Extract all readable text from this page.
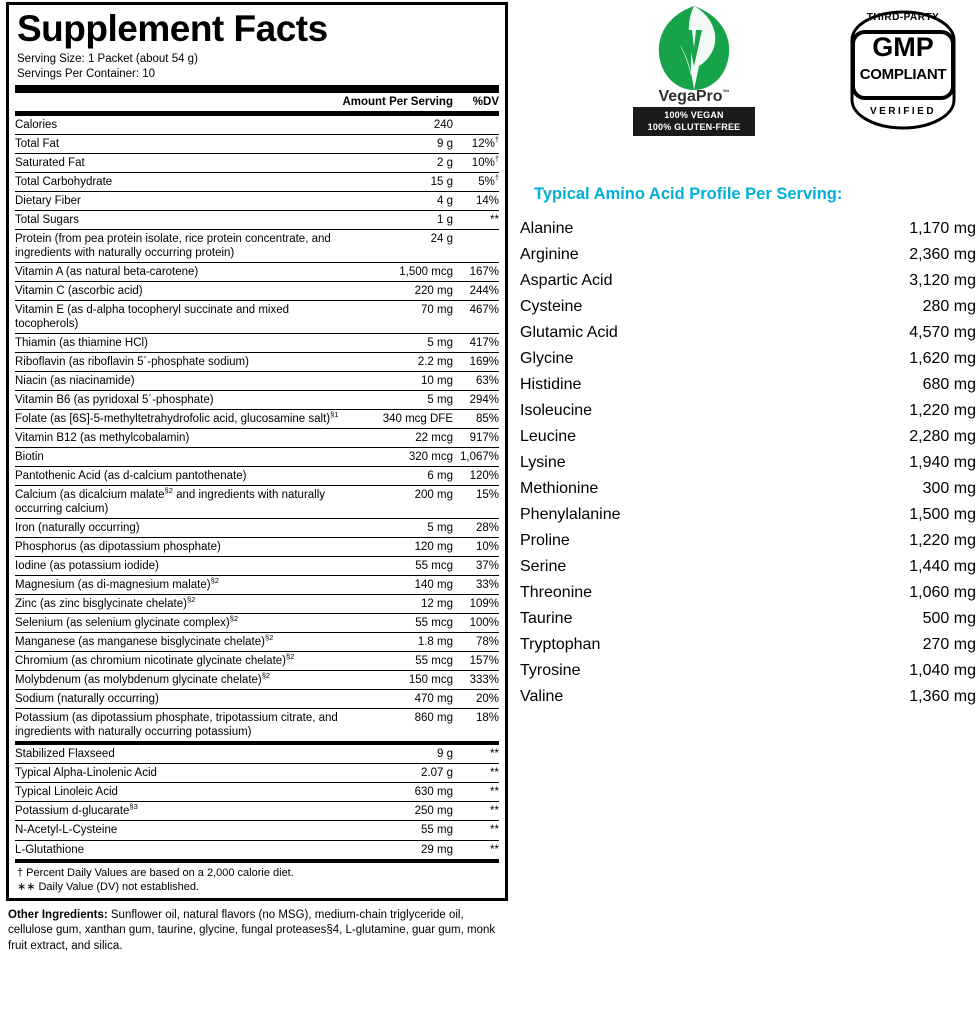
Supplement Facts
Serving Size: 1 Packet (about 54 g)
Servings Per Container: 10
	Amount Per Serving	%DV
Calories	240	
Total Fat	9 g	12%†
Saturated Fat	2 g	10%†
Total Carbohydrate	15 g	5%†
Dietary Fiber	4 g	14%
Total Sugars	1 g	**
Protein (from pea protein isolate, rice protein concentrate, and ingredients with naturally occurring protein)	24 g	
Vitamin A (as natural beta-carotene)	1,500 mcg	167%
Vitamin C (ascorbic acid)	220 mg	244%
Vitamin E (as d-alpha tocopheryl succinate and mixed tocopherols)	70 mg	467%
Thiamin (as thiamine HCl)	5 mg	417%
Riboflavin (as riboflavin 5´-phosphate sodium)	2.2 mg	169%
Niacin (as niacinamide)	10 mg	63%
Vitamin B6 (as pyridoxal 5´-phosphate)	5 mg	294%
Folate (as [6S]-5-methyltetrahydrofolic acid, glucosamine salt)$^{\S 1}$	340 mcg DFE	85%
Vitamin B12 (as methylcobalamin)	22 mcg	917%
Biotin	320 mcg	1,067%
Pantothenic Acid (as d-calcium pantothenate)	6 mg	120%
Calcium (as dicalcium malate$^{\S 2}$ and ingredients with naturally occurring calcium)	200 mg	15%
Iron (naturally occurring)	5 mg	28%
Phosphorus (as dipotassium phosphate)	120 mg	10%
Iodine (as potassium iodide)	55 mcg	37%
Magnesium (as di-magnesium malate)$^{\S 2}$	140 mg	33%
Zinc (as zinc bisglycinate chelate)$^{\S 2}$	12 mg	109%
Selenium (as selenium glycinate complex)$^{\S 2}$	55 mcg	100%
Manganese (as manganese bisglycinate chelate)$^{\S 2}$	1.8 mg	78%
Chromium (as chromium nicotinate glycinate chelate)$^{\S 2}$	55 mcg	157%
Molybdenum (as molybdenum glycinate chelate)$^{\S 2}$	150 mcg	333%
Sodium (naturally occurring)	470 mg	20%
Potassium (as dipotassium phosphate, tripotassium citrate, and ingredients with naturally occurring potassium)	860 mg	18%
Stabilized Flaxseed	9 g	**
Typical Alpha-Linolenic Acid	2.07 g	**
Typical Linoleic Acid	630 mg	**
Potassium d-glucarate$^{\S 3}$	250 mg	**
N-Acetyl-L-Cysteine	55 mg	**
L-Glutathione	29 mg	**
† Percent Daily Values are based on a 2,000 calorie diet.
∗∗ Daily Value (DV) not established.
Other Ingredients: Sunflower oil, natural flavors (no MSG), medium-chain triglyceride oil, cellulose gum, xanthan gum, taurine, glycine, fungal proteases§4, L-glutamine, guar gum, monk fruit extract, and silica.
VegaPro™
100% VEGAN
100% GLUTEN-FREE
THIRD-PARTY
GMP
COMPLIANT
VERIFIED
Typical Amino Acid Profile Per Serving:
Alanine	1,170 mg
Arginine	2,360 mg
Aspartic Acid	3,120 mg
Cysteine	280 mg
Glutamic Acid	4,570 mg
Glycine	1,620 mg
Histidine	680 mg
Isoleucine	1,220 mg
Leucine	2,280 mg
Lysine	1,940 mg
Methionine	300 mg
Phenylalanine	1,500 mg
Proline	1,220 mg
Serine	1,440 mg
Threonine	1,060 mg
Taurine	500 mg
Tryptophan	270 mg
Tyrosine	1,040 mg
Valine	1,360 mg
